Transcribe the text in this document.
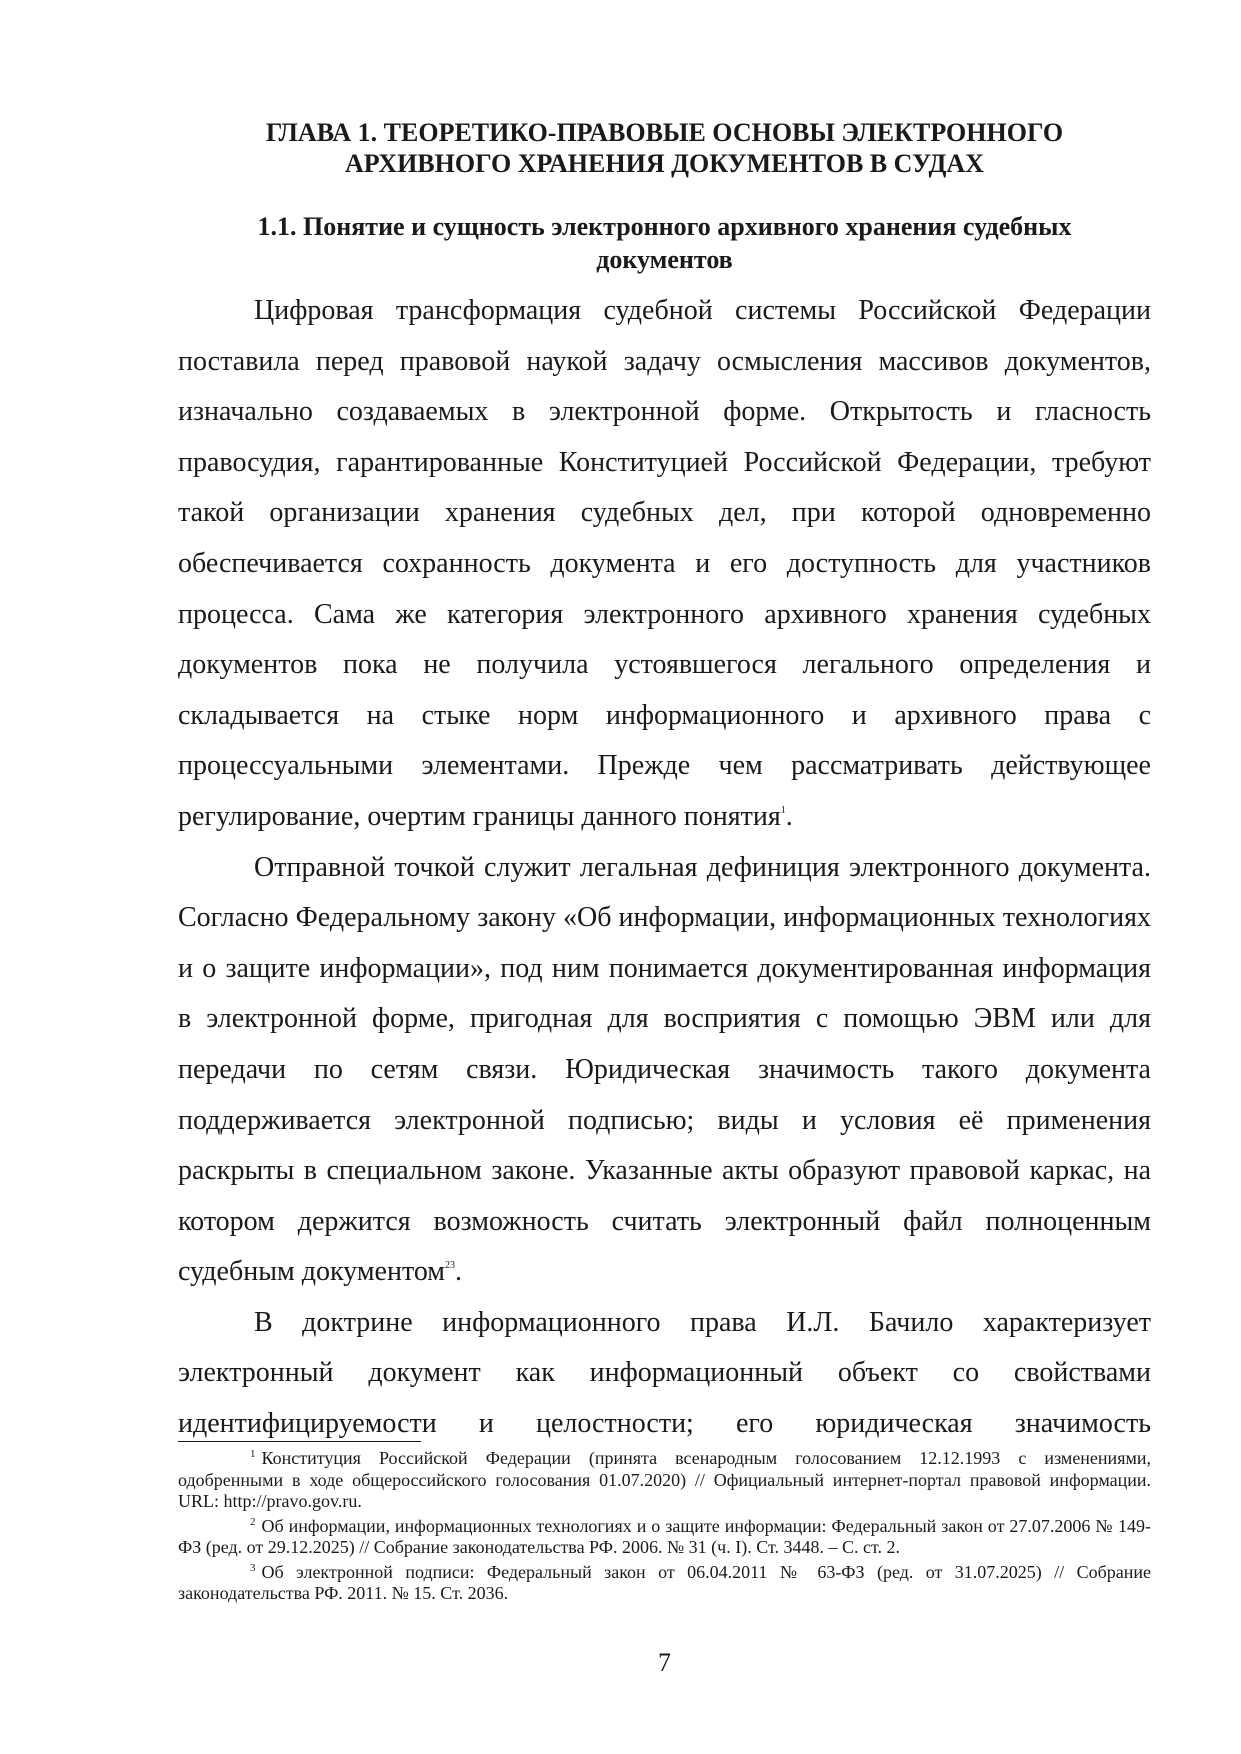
ГЛАВА 1. ТЕОРЕТИКО-ПРАВОВЫЕ ОСНОВЫ ЭЛЕКТРОННОГО
АРХИВНОГО ХРАНЕНИЯ ДОКУМЕНТОВ В СУДАХ
1.1. Понятие и сущность электронного архивного хранения судебных
документов

Цифровая трансформация судебной системы Российской Федерации поставила перед правовой наукой задачу осмысления массивов документов, изначально создаваемых в электронной форме. Открытость и гласность правосудия, гарантированные Конституцией Российской Федерации, требуют такой организации хранения судебных дел, при которой одновременно обеспечивается сохранность документа и его доступность для участников процесса. Сама же категория электронного архивного хранения судебных документов пока не получила устоявшегося легального определения и складывается на стыке норм информационного и архивного права с процессуальными элементами. Прежде чем рассматривать действующее регулирование, очертим границы данного понятия$^1$.

Отправной точкой служит легальная дефиниция электронного документа. Согласно Федеральному закону «Об информации, информационных технологиях и о защите информации», под ним понимается документированная информация в электронной форме, пригодная для восприятия с помощью ЭВМ или для передачи по сетям связи. Юридическая значимость такого документа поддерживается электронной подписью; виды и условия её применения раскрыты в специальном законе. Указанные акты образуют правовой каркас, на котором держится возможность считать электронный файл полноценным судебным документом$^{23}$.

В доктрине информационного права И.Л. Бачило характеризует электронный документ как информационный объект со свойствами идентифицируемости и целостности; его юридическая значимость

$^1$ Конституция Российской Федерации (принята всенародным голосованием 12.12.1993 с изменениями, одобренными в ходе общероссийского голосования 01.07.2020) // Официальный интернет-портал правовой информации. URL: http://pravo.gov.ru.

$^2$ Об информации, информационных технологиях и о защите информации: Федеральный закон от 27.07.2006 № 149-ФЗ (ред. от 29.12.2025) // Собрание законодательства РФ. 2006. № 31 (ч. I). Ст. 3448. – С. ст. 2.

$^3$ Об электронной подписи: Федеральный закон от 06.04.2011 № 63-ФЗ (ред. от 31.07.2025) // Собрание законодательства РФ. 2011. № 15. Ст. 2036.

7
